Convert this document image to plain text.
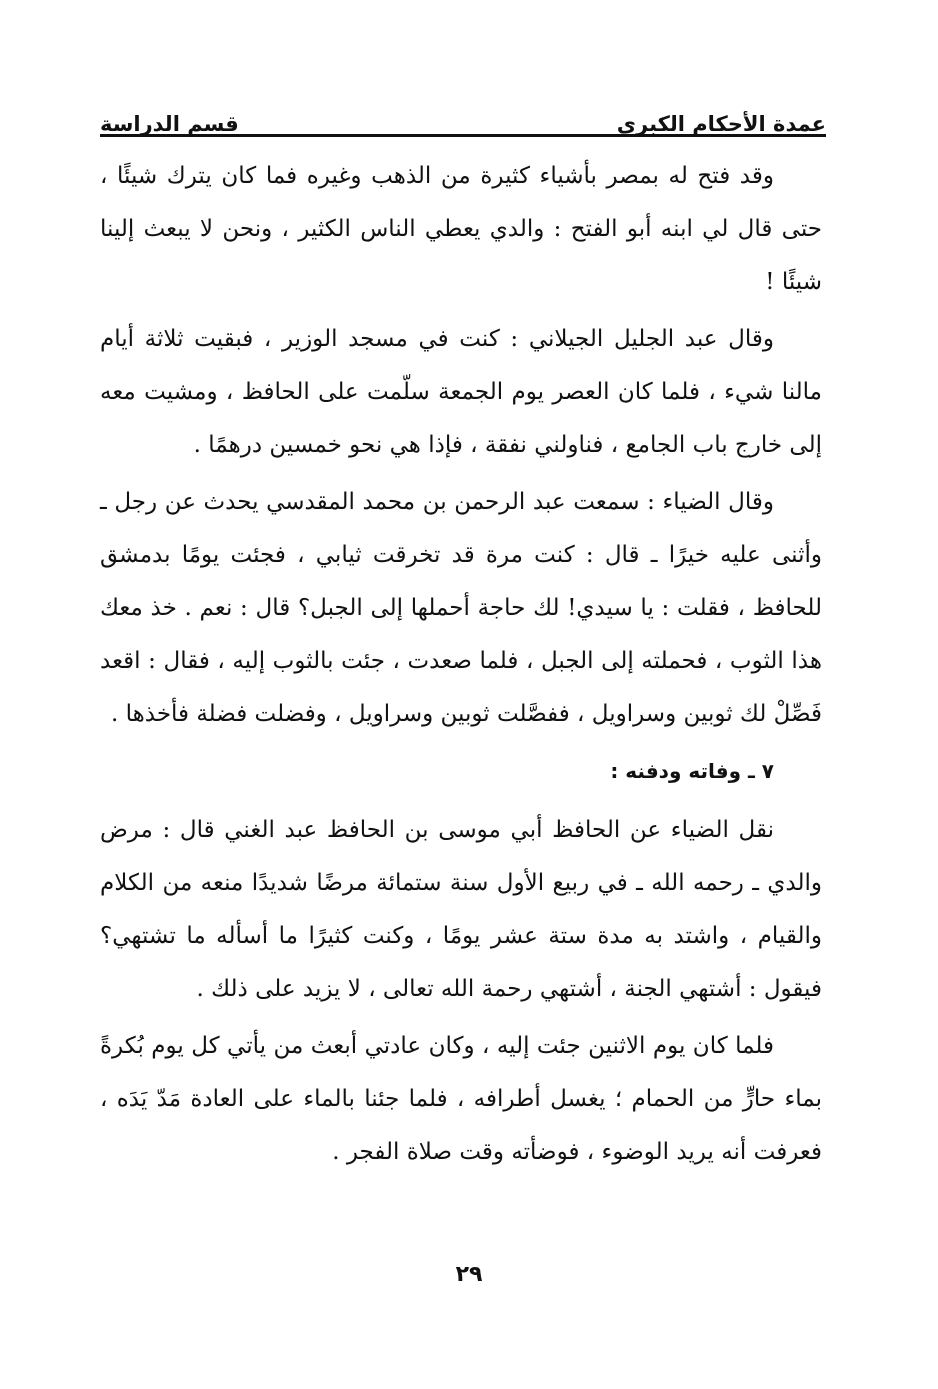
عمدة الأحكام الكبرى
قسم الدراسة

وقد فتح له بمصر بأشياء كثيرة من الذهب وغيره فما كان يترك شيئًا ، حتى قال لي ابنه أبو الفتح : والدي يعطي الناس الكثير ، ونحن لا يبعث إلينا شيئًا !

وقال عبد الجليل الجيلاني : كنت في مسجد الوزير ، فبقيت ثلاثة أيام مالنا شيء ، فلما كان العصر يوم الجمعة سلّمت على الحافظ ، ومشيت معه إلى خارج باب الجامع ، فناولني نفقة ، فإذا هي نحو خمسين درهمًا .

وقال الضياء : سمعت عبد الرحمن بن محمد المقدسي يحدث عن رجل ـ وأثنى عليه خيرًا ـ قال : كنت مرة قد تخرقت ثيابي ، فجئت يومًا بدمشق للحافظ ، فقلت : يا سيدي! لك حاجة أحملها إلى الجبل؟ قال : نعم . خذ معك هذا الثوب ، فحملته إلى الجبل ، فلما صعدت ، جئت بالثوب إليه ، فقال : اقعد فَصِّلْ لك ثوبين وسراويل ، ففصَّلت ثوبين وسراويل ، وفضلت فضلة فأخذها .

٧ ـ وفاته ودفنه :

نقل الضياء عن الحافظ أبي موسى بن الحافظ عبد الغني قال : مرض والدي ـ رحمه الله ـ في ربيع الأول سنة ستمائة مرضًا شديدًا منعه من الكلام والقيام ، واشتد به مدة ستة عشر يومًا ، وكنت كثيرًا ما أسأله ما تشتهي؟ فيقول : أشتهي الجنة ، أشتهي رحمة الله تعالى ، لا يزيد على ذلك .

فلما كان يوم الاثنين جئت إليه ، وكان عادتي أبعث من يأتي كل يوم بُكرةً بماء حارٍّ من الحمام ؛ يغسل أطرافه ، فلما جئنا بالماء على العادة مَدّ يَدَه ، فعرفت أنه يريد الوضوء ، فوضأته وقت صلاة الفجر .

٢٩
